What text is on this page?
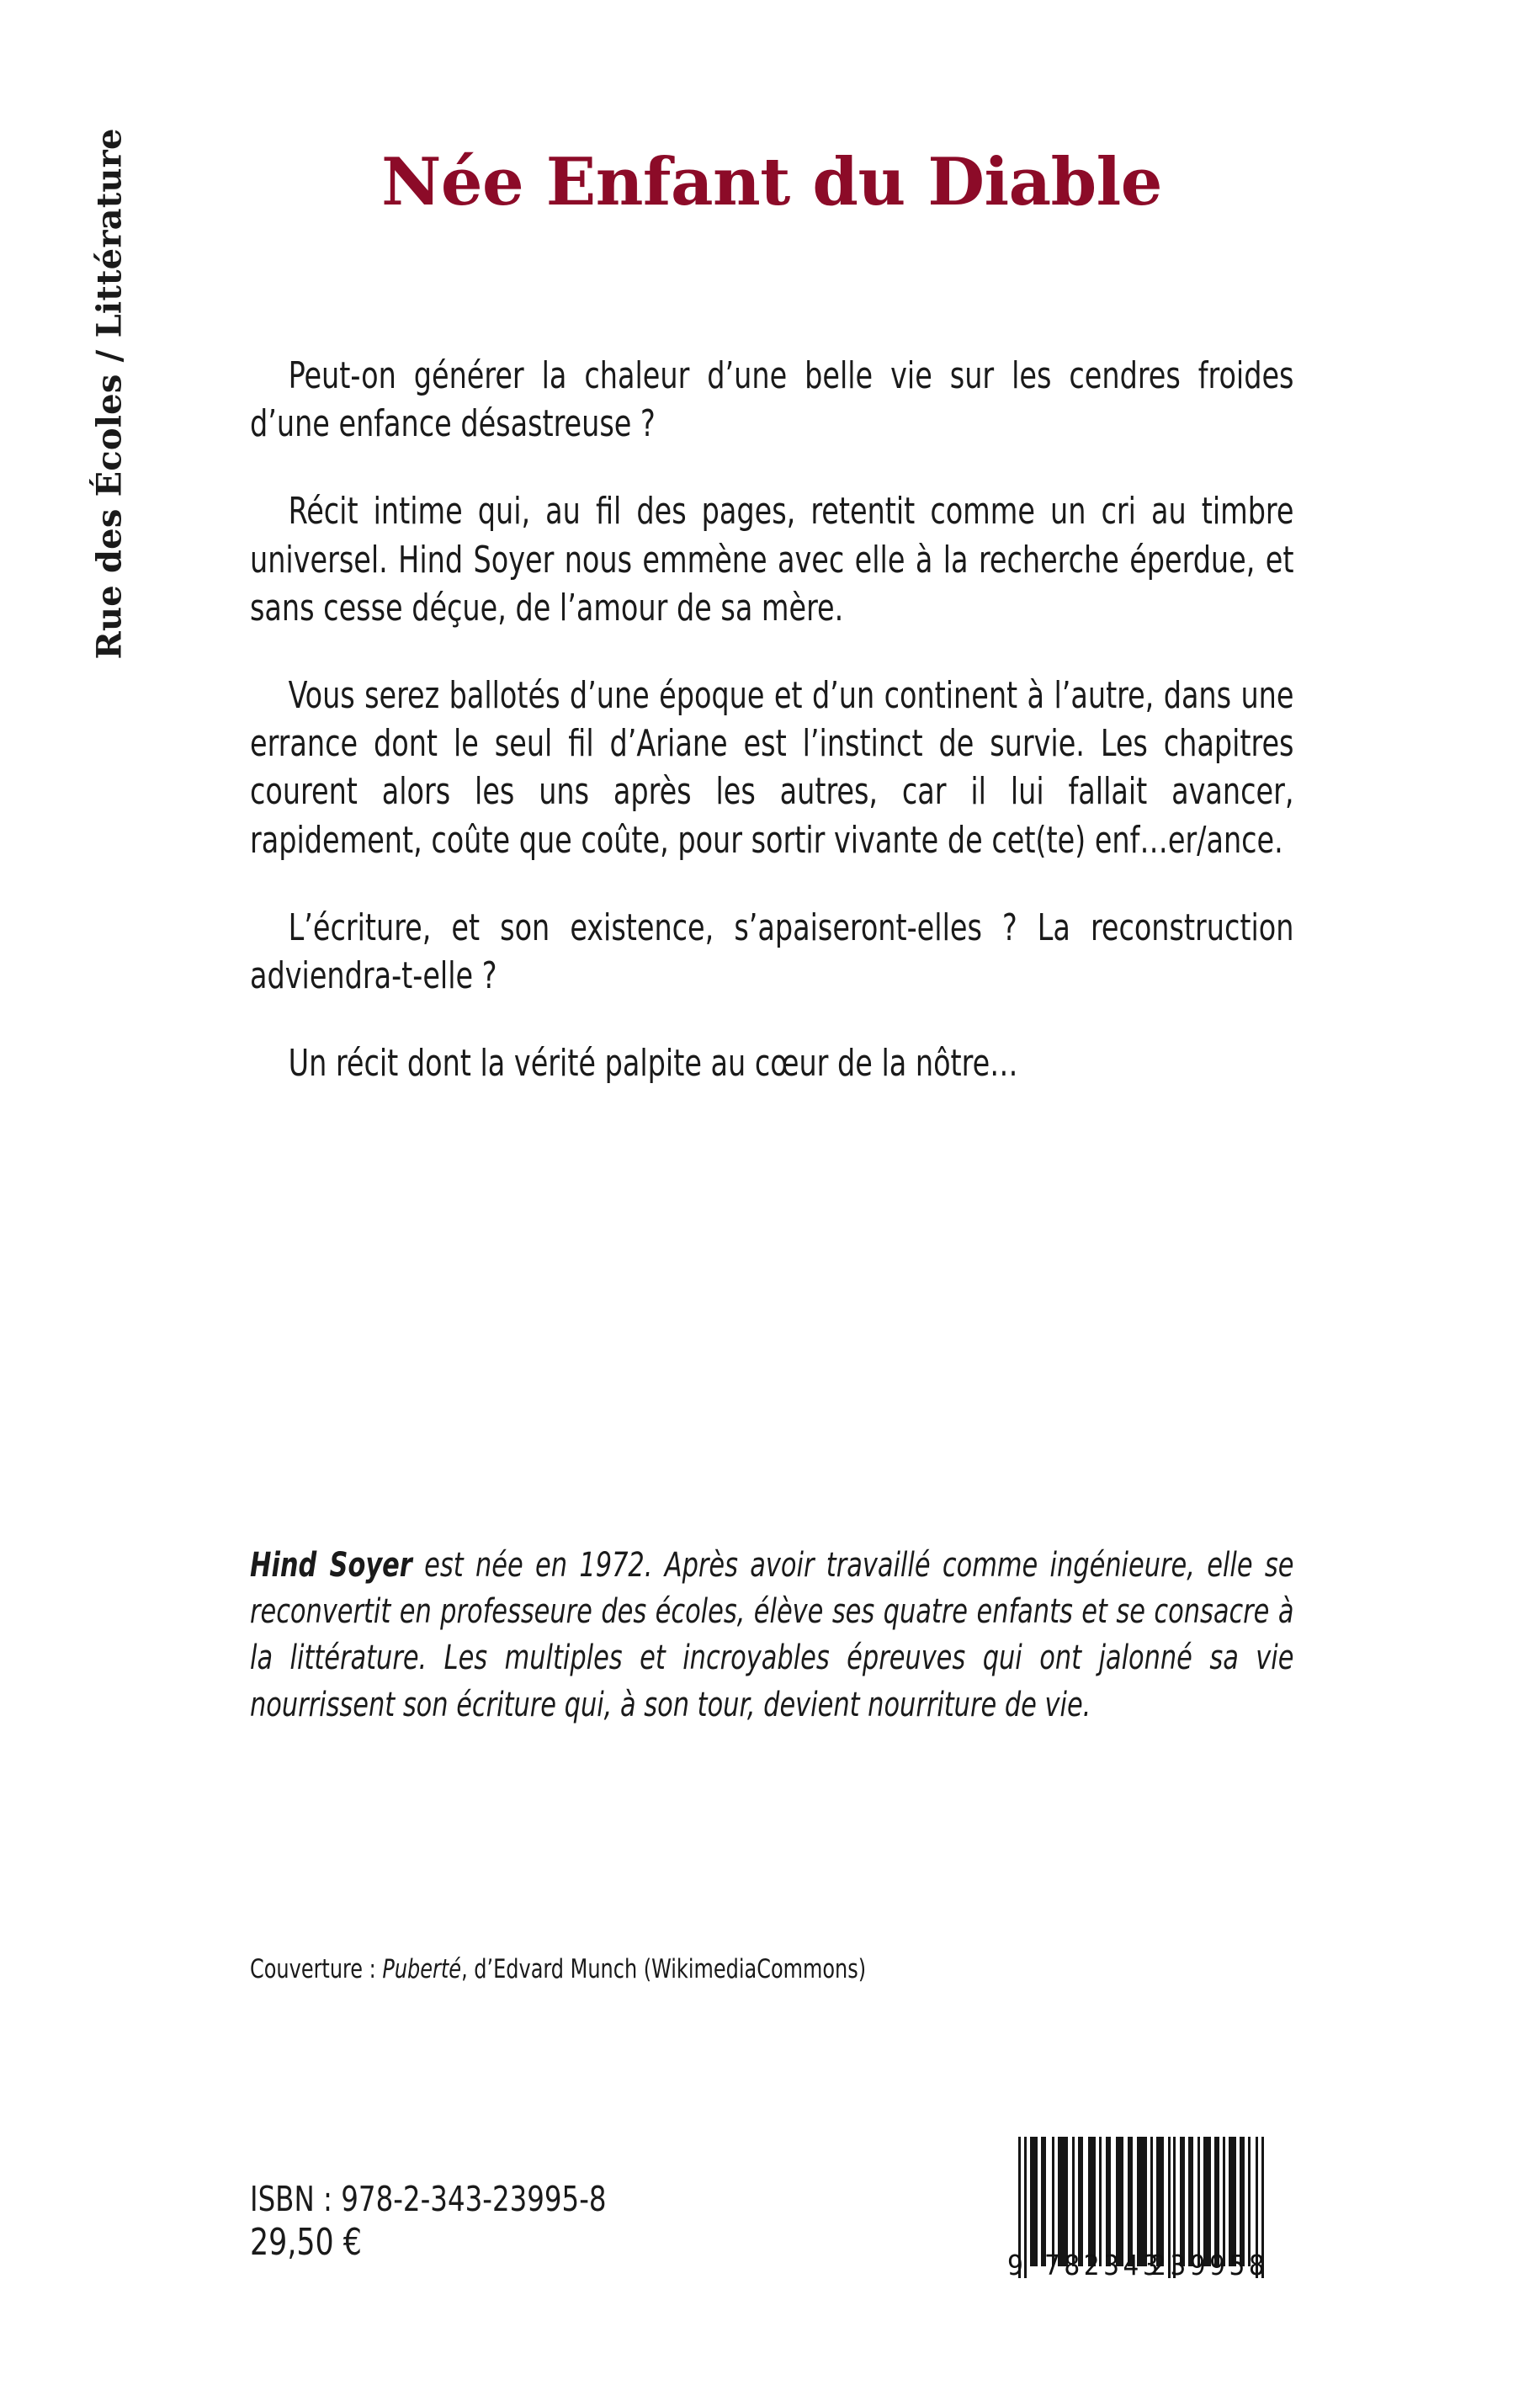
Rue des Écoles / Littérature	Née Enfant du Diable

Peut-on générer la chaleur d’une belle vie sur les cendres froides d’une enfance désastreuse ?

Récit intime qui, au fil des pages, retentit comme un cri au timbre universel. Hind Soyer nous emmène avec elle à la recherche éperdue, et sans cesse déçue, de l’amour de sa mère.

Vous serez ballotés d’une époque et d’un continent à l’autre, dans une errance dont le seul fil d’Ariane est l’instinct de survie. Les chapitres courent alors les uns après les autres, car il lui fallait avancer, rapidement, coûte que coûte, pour sortir vivante de cet(te) enf…er/ance.

L’écriture, et son existence, s’apaiseront-elles ? La reconstruction adviendra-t-elle ?

Un récit dont la vérité palpite au cœur de la nôtre…

Hind Soyer est née en 1972. Après avoir travaillé comme ingénieure, elle se reconvertit en professeure des écoles, élève ses quatre enfants et se consacre à la littérature. Les multiples et incroyables épreuves qui ont jalonné sa vie nourrissent son écriture qui, à son tour, devient nourriture de vie.

Couverture : Puberté, d’Edvard Munch (WikimediaCommons)
ISBN : 978-2-343-23995-8
29,50 €
9 782343
239958
